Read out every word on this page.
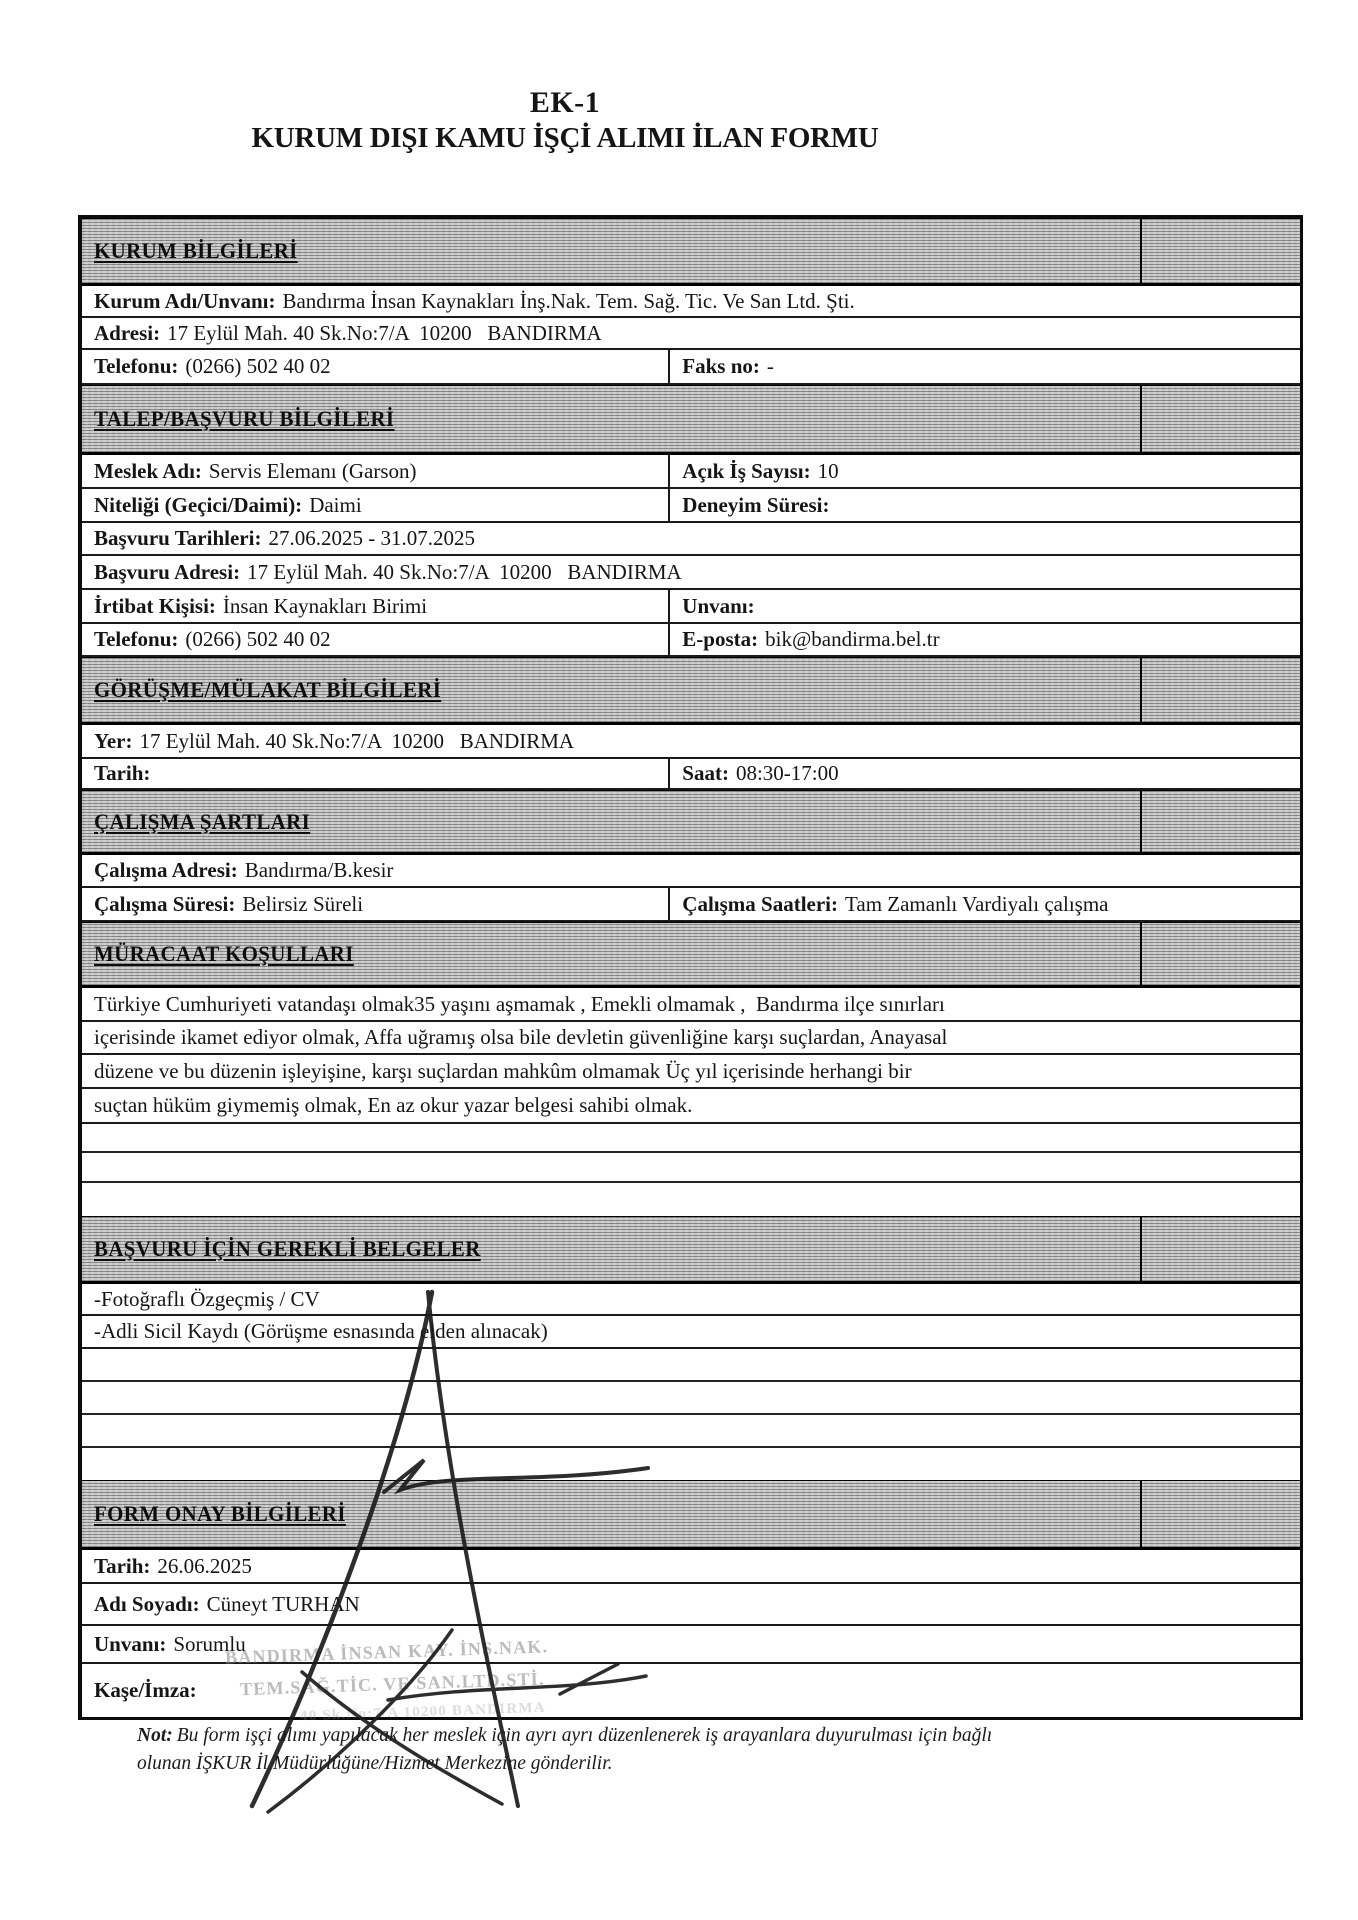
EK-1
KURUM DIŞI KAMU İŞÇİ ALIMI İLAN FORMU
KURUM BİLGİLERİ
Kurum Adı/Unvanı: Bandırma İnsan Kaynakları İnş.Nak. Tem. Sağ. Tic. Ve San Ltd. Şti.
Adresi: 17 Eylül Mah. 40 Sk.No:7/A  10200   BANDIRMA
Telefonu: (0266) 502 40 02	Faks no: -
TALEP/BAŞVURU BİLGİLERİ
Meslek Adı: Servis Elemanı (Garson)	Açık İş Sayısı: 10
Niteliği (Geçici/Daimi): Daimi	Deneyim Süresi:
Başvuru Tarihleri: 27.06.2025 - 31.07.2025
Başvuru Adresi: 17 Eylül Mah. 40 Sk.No:7/A  10200   BANDIRMA
İrtibat Kişisi: İnsan Kaynakları Birimi	Unvanı:
Telefonu: (0266) 502 40 02	E-posta: bik@bandirma.bel.tr
GÖRÜŞME/MÜLAKAT BİLGİLERİ
Yer: 17 Eylül Mah. 40 Sk.No:7/A  10200   BANDIRMA
Tarih:	Saat: 08:30-17:00
ÇALIŞMA ŞARTLARI
Çalışma Adresi: Bandırma/B.kesir
Çalışma Süresi: Belirsiz Süreli	Çalışma Saatleri: Tam Zamanlı Vardiyalı çalışma
MÜRACAAT KOŞULLARI
Türkiye Cumhuriyeti vatandaşı olmak35 yaşını aşmamak , Emekli olmamak ,  Bandırma ilçe sınırları
içerisinde ikamet ediyor olmak, Affa uğramış olsa bile devletin güvenliğine karşı suçlardan, Anayasal
düzene ve bu düzenin işleyişine, karşı suçlardan mahkûm olmamak Üç yıl içerisinde herhangi bir
suçtan hüküm giymemiş olmak, En az okur yazar belgesi sahibi olmak.
BAŞVURU İÇİN GEREKLİ BELGELER
-Fotoğraflı Özgeçmiş / CV
-Adli Sicil Kaydı (Görüşme esnasında elden alınacak)
FORM ONAY BİLGİLERİ
Tarih: 26.06.2025
Adı Soyadı: Cüneyt TURHAN
Unvanı: Sorumlu
Kaşe/İmza:
BANDIRMA İNSAN KAY. İNŞ.NAK.
TEM.SAĞ.TİC. VE SAN.LTD.ŞTİ.
40 Sk.No:7/A 10200 BANDIRMA
Not: Bu form işçi alımı yapılacak her meslek için ayrı ayrı düzenlenerek iş arayanlara duyurulması için bağlı
olunan İŞKUR İl Müdürlüğüne/Hizmet Merkezine gönderilir.
